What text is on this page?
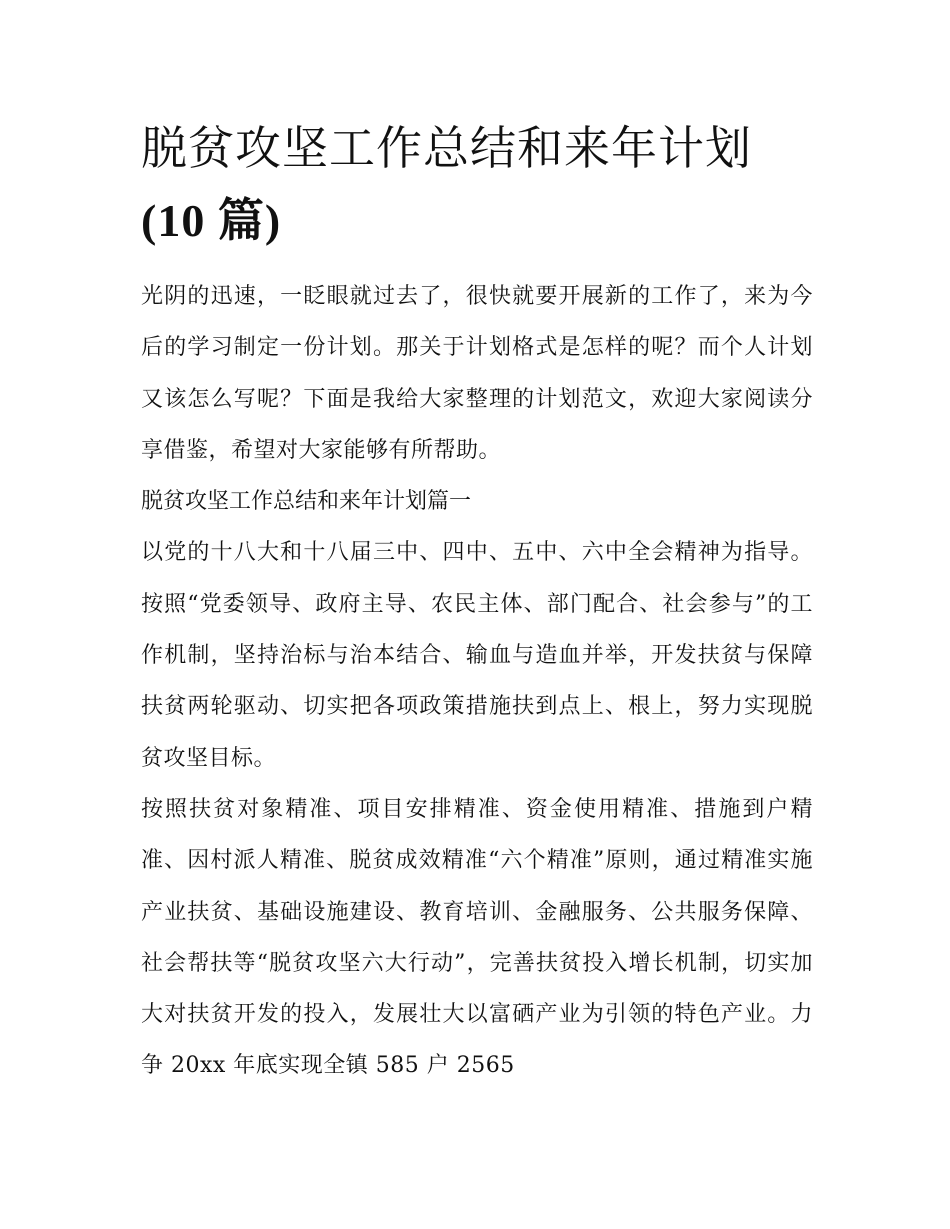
脱贫攻坚工作总结和来年计划
(10 篇)

光阴的迅速，一眨眼就过去了，很快就要开展新的工作了，来为今后的学习制定一份计划。那关于计划格式是怎样的呢？而个人计划又该怎么写呢？下面是我给大家整理的计划范文，欢迎大家阅读分享借鉴，希望对大家能够有所帮助。

脱贫攻坚工作总结和来年计划篇一

以党的十八大和十八届三中、四中、五中、六中全会精神为指导。按照“党委领导、政府主导、农民主体、部门配合、社会参与”的工作机制，坚持治标与治本结合、输血与造血并举，开发扶贫与保障扶贫两轮驱动、切实把各项政策措施扶到点上、根上，努力实现脱贫攻坚目标。

按照扶贫对象精准、项目安排精准、资金使用精准、措施到户精准、因村派人精准、脱贫成效精准“六个精准”原则，通过精准实施产业扶贫、基础设施建设、教育培训、金融服务、公共服务保障、社会帮扶等“脱贫攻坚六大行动”，完善扶贫投入增长机制，切实加大对扶贫开发的投入，发展壮大以富硒产业为引领的特色产业。力争 20xx 年底实现全镇 585 户 2565
